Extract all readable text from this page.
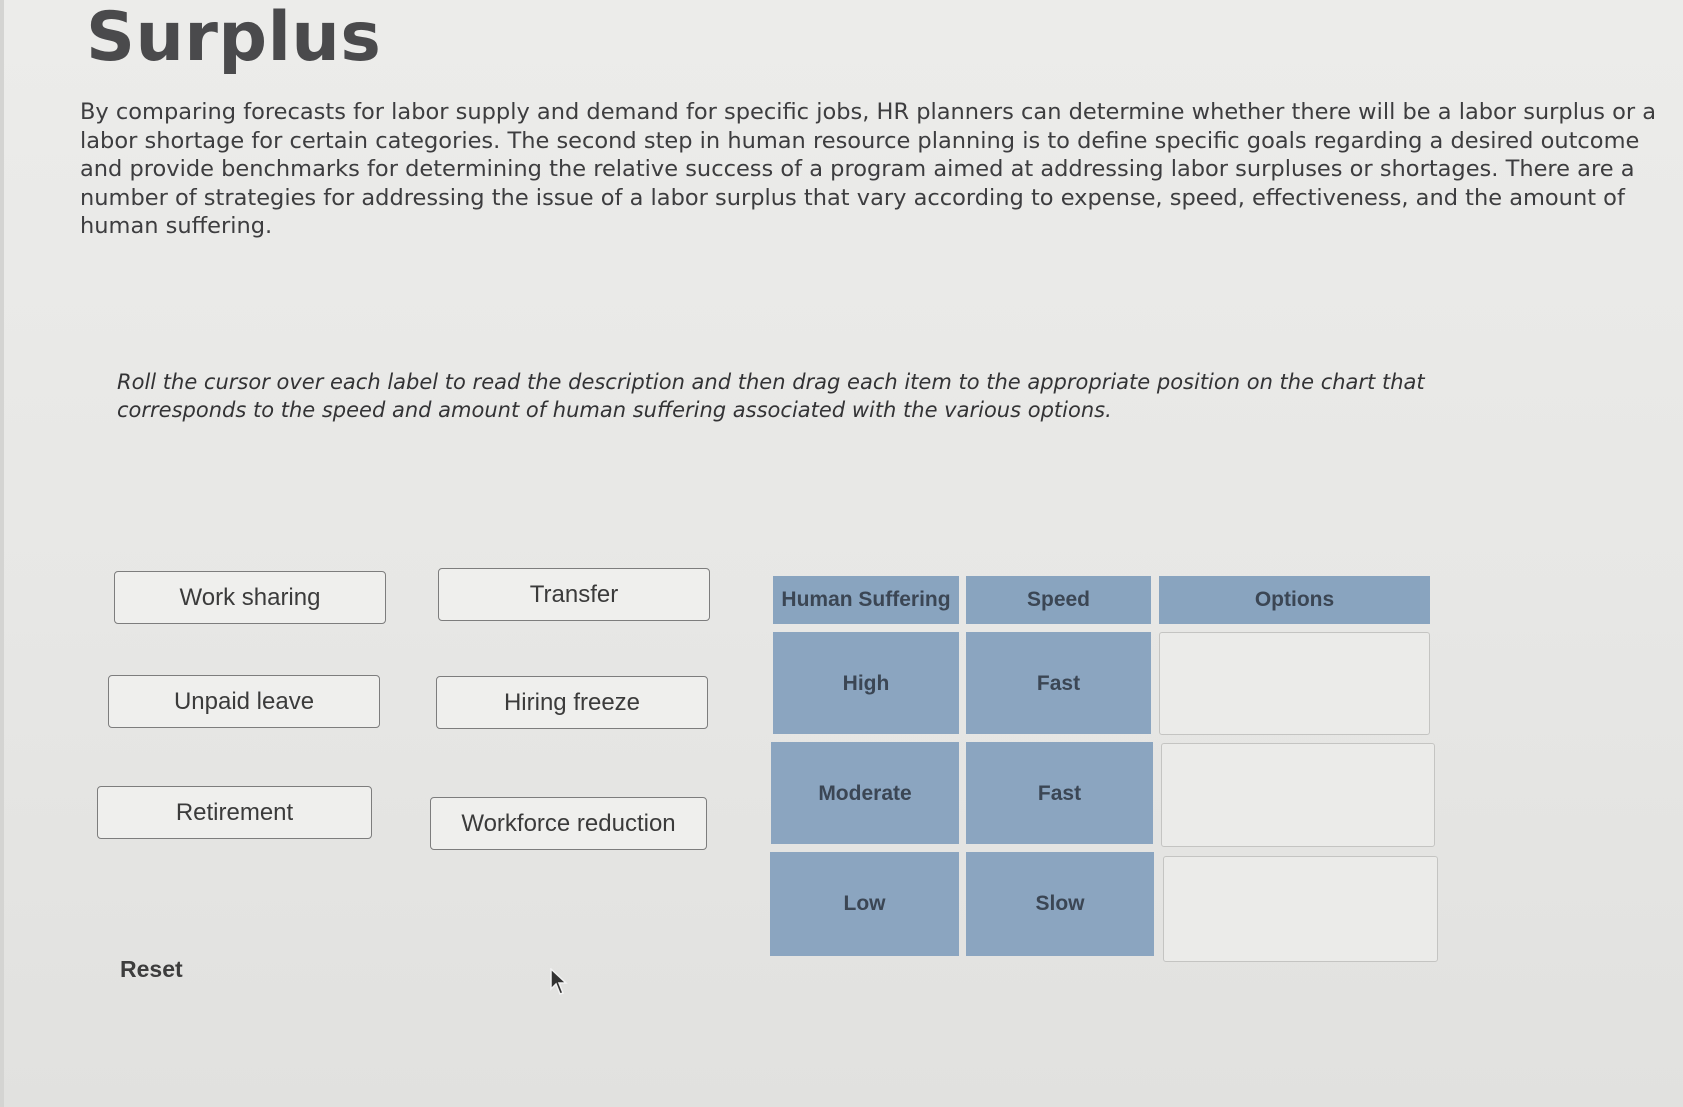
Surplus

By comparing forecasts for labor supply and demand for specific jobs, HR planners can determine whether there will be a labor surplus or a labor shortage for certain categories. The second step in human resource planning is to define specific goals regarding a desired outcome and provide benchmarks for determining the relative success of a program aimed at addressing labor surpluses or shortages. There are a number of strategies for addressing the issue of a labor surplus that vary according to expense, speed, effectiveness, and the amount of human suffering.

Roll the cursor over each label to read the description and then drag each item to the appropriate position on the chart that corresponds to the speed and amount of human suffering associated with the various options.

Work sharing	Transfer
Unpaid leave	Hiring freeze
Retirement	Workforce reduction
Reset
Human Suffering	Speed	Options
High	Fast
Moderate	Fast
Low	Slow
